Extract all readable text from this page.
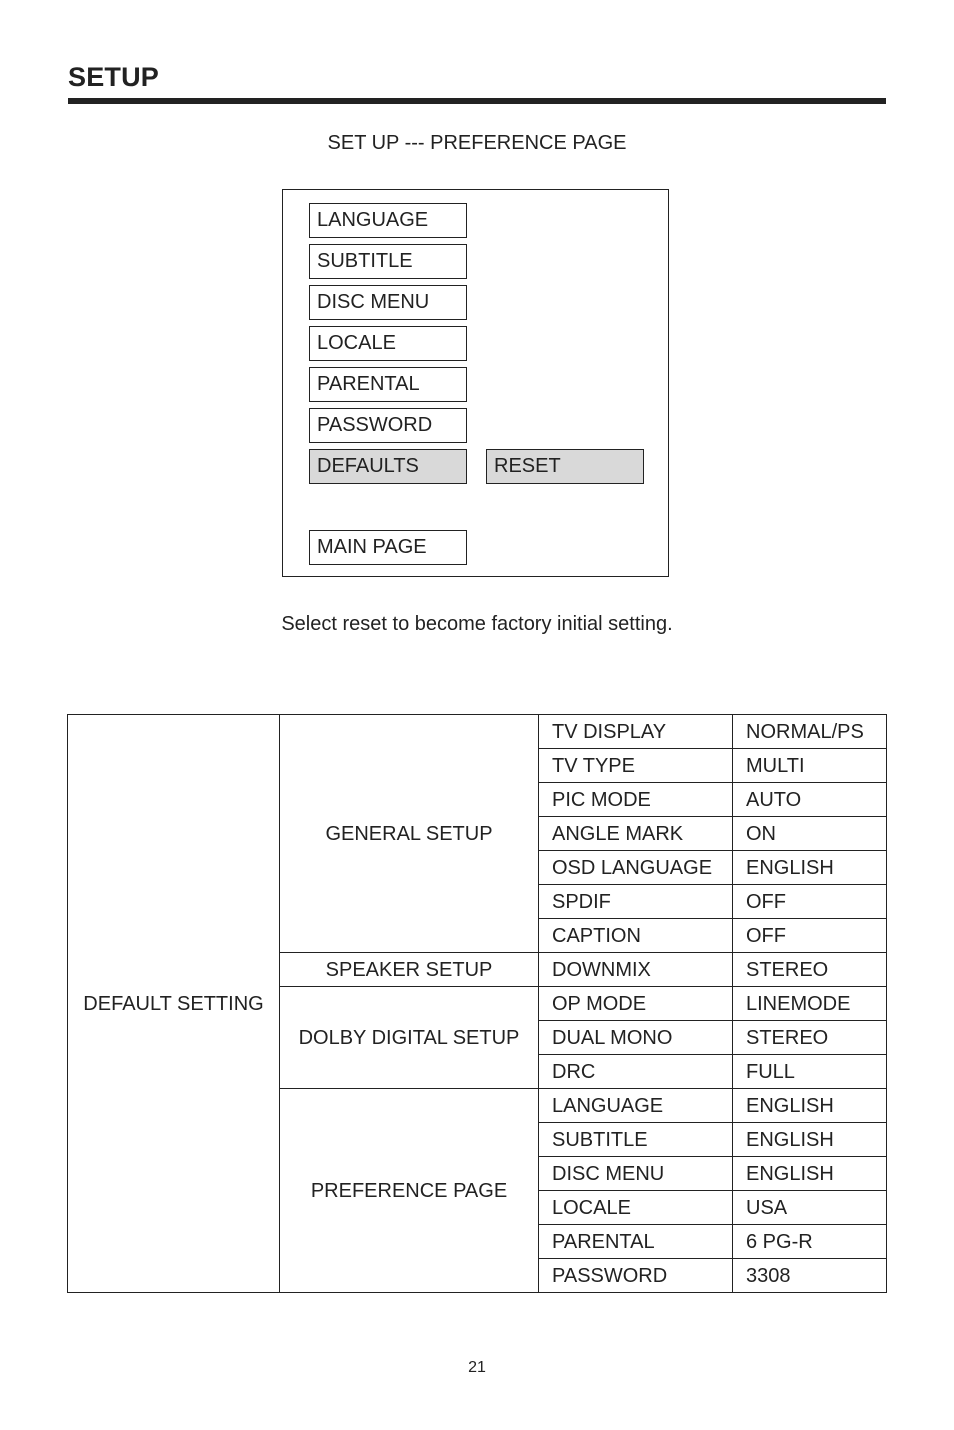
SETUP
SET UP --- PREFERENCE PAGE
LANGUAGE
SUBTITLE
DISC MENU
LOCALE
PARENTAL
PASSWORD
DEFAULTS	RESET
MAIN PAGE
Select reset to become factory initial setting.
DEFAULT SETTING	GENERAL SETUP	TV DISPLAY	NORMAL/PS
		TV TYPE	MULTI
		PIC MODE	AUTO
		ANGLE MARK	ON
		OSD LANGUAGE	ENGLISH
		SPDIF	OFF
		CAPTION	OFF
	SPEAKER SETUP	DOWNMIX	STEREO
	DOLBY DIGITAL SETUP	OP MODE	LINEMODE
		DUAL MONO	STEREO
		DRC	FULL
	PREFERENCE PAGE	LANGUAGE	ENGLISH
		SUBTITLE	ENGLISH
		DISC MENU	ENGLISH
		LOCALE	USA
		PARENTAL	6 PG-R
		PASSWORD	3308
21
